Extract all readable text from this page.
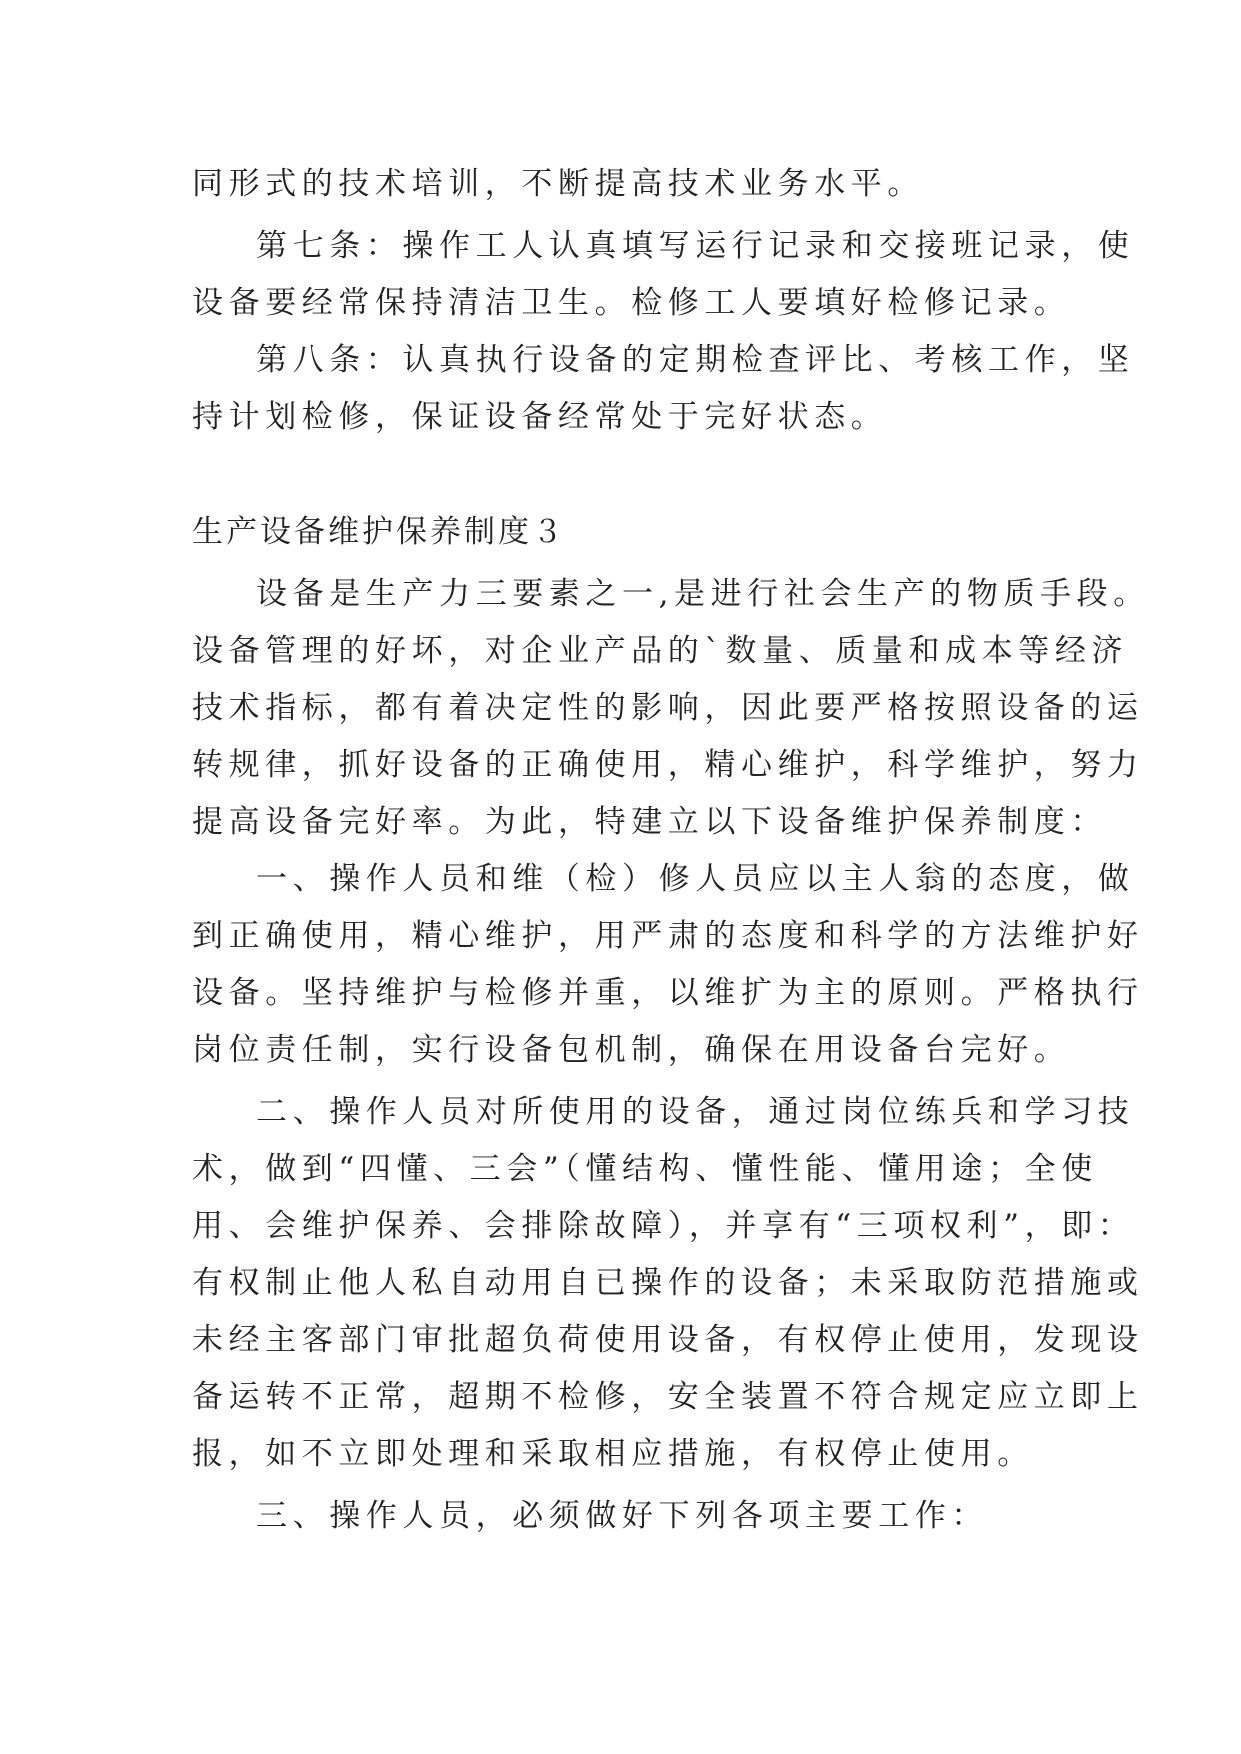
同形式的技术培训，不断提高技术业务水平。
第七条：操作工人认真填写运行记录和交接班记录，使
设备要经常保持清洁卫生。检修工人要填好检修记录。
第八条：认真执行设备的定期检查评比、考核工作，坚
持计划检修，保证设备经常处于完好状态。
生产设备维护保养制度３
设备是生产力三要素之一,是进行社会生产的物质手段。
设备管理的好坏，对企业产品的`数量、质量和成本等经济
技术指标，都有着决定性的影响，因此要严格按照设备的运
转规律，抓好设备的正确使用，精心维护，科学维护，努力
提高设备完好率。为此，特建立以下设备维护保养制度：
一、操作人员和维（检）修人员应以主人翁的态度，做
到正确使用，精心维护，用严肃的态度和科学的方法维护好
设备。坚持维护与检修并重，以维扩为主的原则。严格执行
岗位责任制，实行设备包机制，确保在用设备台完好。
二、操作人员对所使用的设备，通过岗位练兵和学习技
术，做到“四懂、三会”（懂结构、懂性能、懂用途；全使
用、会维护保养、会排除故障），并享有“三项权利”，即：
有权制止他人私自动用自已操作的设备；未采取防范措施或
未经主客部门审批超负荷使用设备，有权停止使用，发现设
备运转不正常，超期不检修，安全装置不符合规定应立即上
报，如不立即处理和采取相应措施，有权停止使用。
三、操作人员，必须做好下列各项主要工作：
